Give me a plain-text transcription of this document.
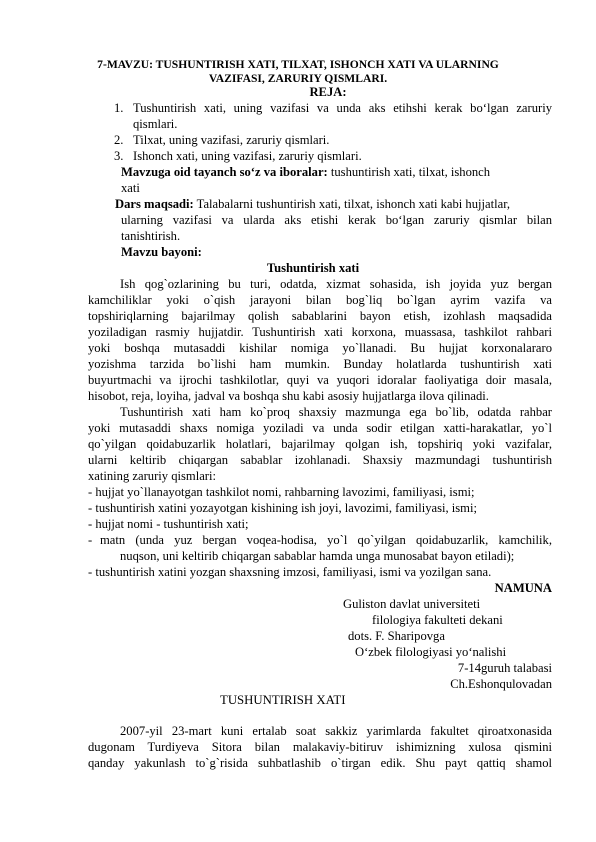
7-MAVZU: TUSHUNTIRISH XATI, TILXAT, ISHONCH XATI VA ULARNING
VAZIFASI, ZARURIY QISMLARI.
REJA:
1. Tushuntirish xati, uning vazifasi va unda aks etihshi kerak bo‘lgan zaruriy
qismlari.
2. Tilxat, uning vazifasi, zaruriy qismlari.
3. Ishonch xati, uning vazifasi, zaruriy qismlari.
Mavzuga oid tayanch so‘z va iboralar: tushuntirish xati, tilxat, ishonch
xati
Dars maqsadi: Talabalarni tushuntirish xati, tilxat, ishonch xati kabi hujjatlar,
ularning vazifasi va ularda aks etishi kerak bo‘lgan zaruriy qismlar bilan
tanishtirish.
Mavzu bayoni:
Tushuntirish xati
Ish qog`ozlarining bu turi, odatda, xizmat sohasida, ish joyida yuz bergan
kamchiliklar yoki o`qish jarayoni bilan bog`liq bo`lgan ayrim vazifa va
topshiriqlarning bajarilmay qolish sabablarini bayon etish, izohlash maqsadida
yoziladigan rasmiy hujjatdir. Tushuntirish xati korxona, muassasa, tashkilot rahbari
yoki boshqa mutasaddi kishilar nomiga yo`llanadi. Bu hujjat korxonalararo
yozishma tarzida bo`lishi ham mumkin. Bunday holatlarda tushuntirish xati
buyurtmachi va ijrochi tashkilotlar, quyi va yuqori idoralar faoliyatiga doir masala,
hisobot, reja, loyiha, jadval va boshqa shu kabi asosiy hujjatlarga ilova qilinadi.
Tushuntirish xati ham ko`proq shaxsiy mazmunga ega bo`lib, odatda rahbar
yoki mutasaddi shaxs nomiga yoziladi va unda sodir etilgan xatti-harakatlar, yo`l
qo`yilgan qoidabuzarlik holatlari, bajarilmay qolgan ish, topshiriq yoki vazifalar,
ularni keltirib chiqargan sabablar izohlanadi. Shaxsiy mazmundagi tushuntirish
xatining zaruriy qismlari:
- hujjat yo`llanayotgan tashkilot nomi, rahbarning lavozimi, familiyasi, ismi;
- tushuntirish xatini yozayotgan kishining ish joyi, lavozimi, familiyasi, ismi;
- hujjat nomi - tushuntirish xati;
- matn (unda yuz bergan voqea-hodisa, yo`l qo`yilgan qoidabuzarlik, kamchilik,
nuqson, uni keltirib chiqargan sabablar hamda unga munosabat bayon etiladi);
- tushuntirish xatini yozgan shaxsning imzosi, familiyasi, ismi va yozilgan sana.
NAMUNA
Guliston davlat universiteti
filologiya fakulteti dekani
dots. F. Sharipovga
O‘zbek filologiyasi yo‘nalishi
7-14guruh talabasi
Ch.Eshonqulovadan
TUSHUNTIRISH XATI
2007-yil 23-mart kuni ertalab soat sakkiz yarimlarda fakultet qiroatxonasida
dugonam Turdiyeva Sitora bilan malakaviy-bitiruv ishimizning xulosa qismini
qanday yakunlash to`g`risida suhbatlashib o`tirgan edik. Shu payt qattiq shamol
